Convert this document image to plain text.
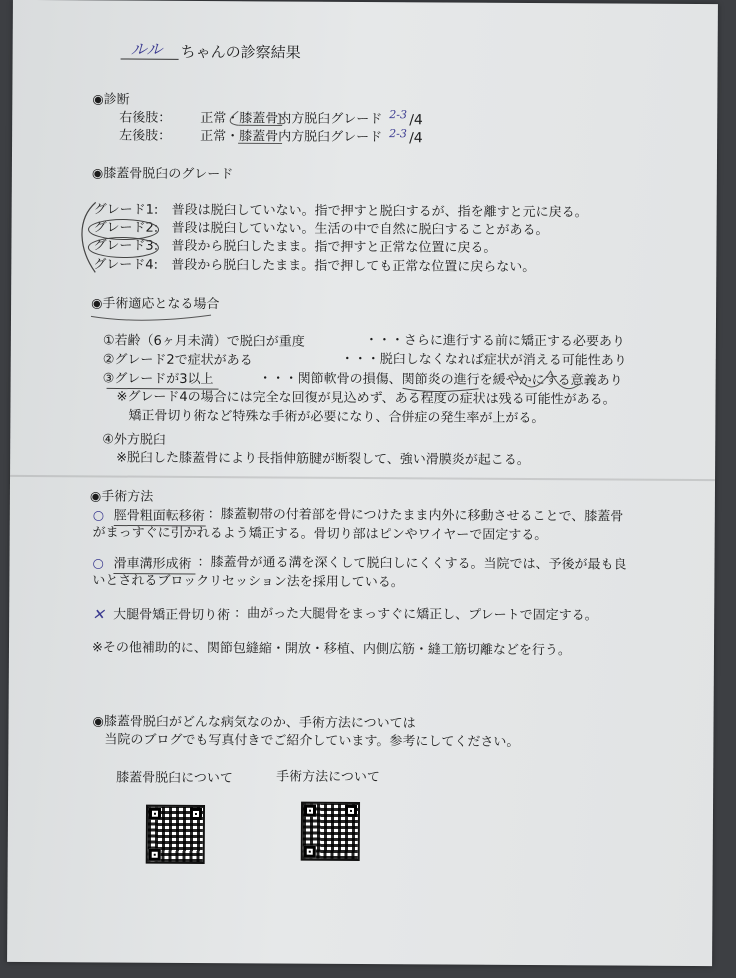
ルル ちゃんの診察結果
◉診断
右後肢： 正常・膝蓋骨内方脱臼グレード 2-3 /4
左後肢： 正常・膝蓋骨内方脱臼グレード 2-3 /4
◉膝蓋骨脱臼のグレード
グレード1: 普段は脱臼していない。指で押すと脱臼するが、指を離すと元に戻る。
グレード2: 普段は脱臼していない。生活の中で自然に脱臼することがある。
グレード3: 普段から脱臼したまま。指で押すと正常な位置に戻る。
グレード4: 普段から脱臼したまま。指で押しても正常な位置に戻らない。
◉手術適応となる場合
①若齢（6ヶ月未満）で脱臼が重度	・・・さらに進行する前に矯正する必要あり
②グレード2で症状がある	・・・脱臼しなくなれば症状が消える可能性あり
③グレードが3以上	・・・関節軟骨の損傷、関節炎の進行を緩やかにする意義あり
※グレード4の場合には完全な回復が見込めず、ある程度の症状は残る可能性がある。
矯正骨切り術など特殊な手術が必要になり、合併症の発生率が上がる。
④外方脱臼
※脱臼した膝蓋骨により長指伸筋腱が断裂して、強い滑膜炎が起こる。
◉手術方法
○ 脛骨粗面転移術 ：膝蓋靭帯の付着部を骨につけたまま内外に移動させることで、膝蓋骨
がまっすぐに引かれるよう矯正する。骨切り部はピンやワイヤーで固定する。
○ 滑車溝形成術 ：膝蓋骨が通る溝を深くして脱臼しにくくする。当院では、予後が最も良
いとされるブロックリセッション法を採用している。
✕ 大腿骨矯正骨切り術 ：曲がった大腿骨をまっすぐに矯正し、プレートで固定する。
※その他補助的に、関節包縫縮・開放・移植、内側広筋・縫工筋切離などを行う。
◉膝蓋骨脱臼がどんな病気なのか、手術方法については
当院のブログでも写真付きでご紹介しています。参考にしてください。
膝蓋骨脱臼について	手術方法について
